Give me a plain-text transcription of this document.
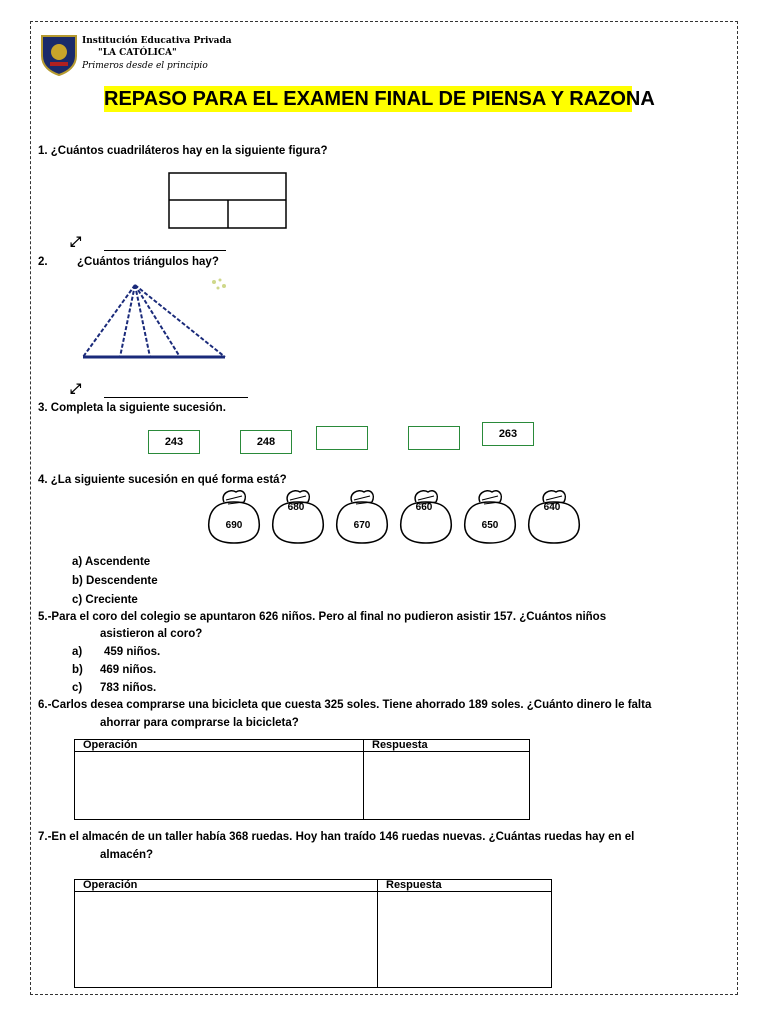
Institución Educativa Privada
"LA CATÓLICA"
Primeros desde el principio
REPASO PARA EL EXAMEN FINAL DE PIENSA Y RAZONA
1. ¿Cuántos cuadriláteros hay en la siguiente figura?
⤢
2.	¿Cuántos triángulos hay?
⤢
3. Completa la siguiente sucesión.
243	248
263
4. ¿La siguiente sucesión en qué forma está?
690
680
670
660
650
640
a) Ascendente
b) Descendente
c) Creciente
5.-Para el coro del colegio se apuntaron 626 niños. Pero al final no pudieron asistir 157. ¿Cuántos niños
asistieron al coro?
a) 459 niños.
b) 469 niños.
c) 783 niños.
6.-Carlos desea comprarse una bicicleta que cuesta 325 soles. Tiene ahorrado 189 soles. ¿Cuánto dinero le falta
ahorrar para comprarse la bicicleta?
Operación	Respuesta

7.-En el almacén de un taller había 368 ruedas. Hoy han traído 146 ruedas nuevas. ¿Cuántas ruedas hay en el
almacén?
Operación	Respuesta
